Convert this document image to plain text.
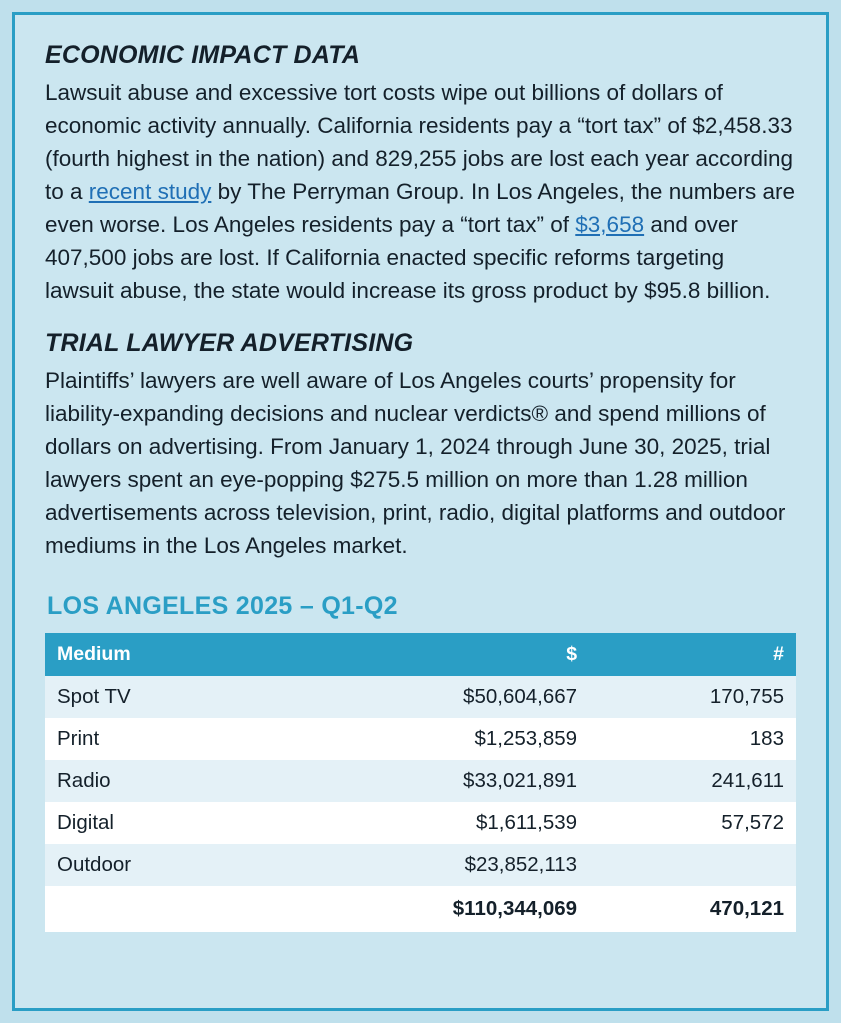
ECONOMIC IMPACT DATA

Lawsuit abuse and excessive tort costs wipe out billions of dollars of economic activity annually. California residents pay a “tort tax” of $2,458.33 (fourth highest in the nation) and 829,255 jobs are lost each year according to a recent study by The Perryman Group. In Los Angeles, the numbers are even worse. Los Angeles residents pay a “tort tax” of $3,658 and over 407,500 jobs are lost. If California enacted specific reforms targeting lawsuit abuse, the state would increase its gross product by $95.8 billion.

TRIAL LAWYER ADVERTISING

Plaintiffs’ lawyers are well aware of Los Angeles courts’ propensity for liability-expanding decisions and nuclear verdicts® and spend millions of dollars on advertising. From January 1, 2024 through June 30, 2025, trial lawyers spent an eye-popping $275.5 million on more than 1.28 million advertisements across television, print, radio, digital platforms and outdoor mediums in the Los Angeles market.

LOS ANGELES 2025 – Q1-Q2
Medium	$	#
Spot TV	$50,604,667	170,755
Print	$1,253,859	183
Radio	$33,021,891	241,611
Digital	$1,611,539	57,572
Outdoor	$23,852,113	
	$110,344,069	470,121
